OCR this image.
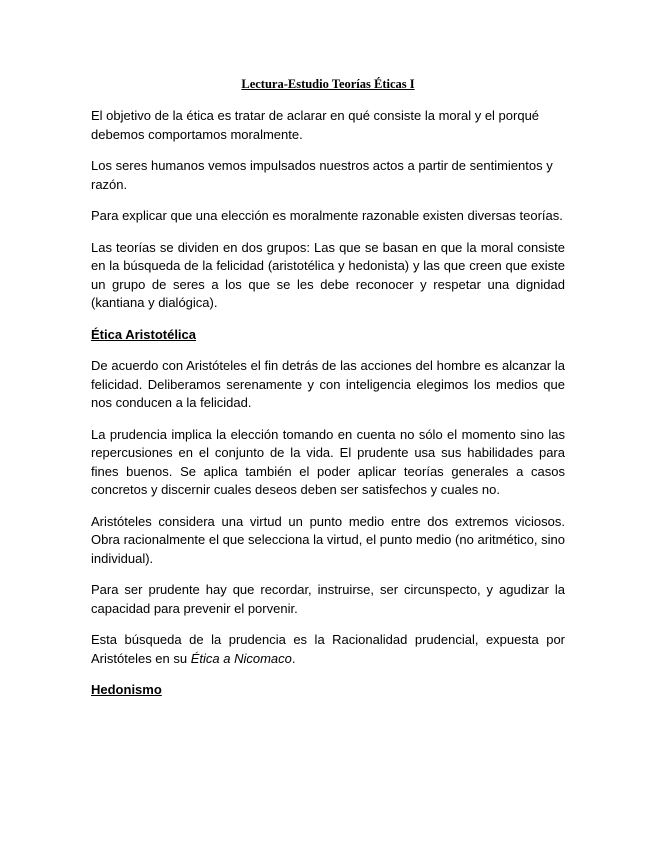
Lectura-Estudio Teorías Éticas I

El objetivo de la ética es tratar de aclarar en qué consiste la moral y el porqué debemos comportamos moralmente.

Los seres humanos vemos impulsados nuestros actos a partir de sentimientos y razón.

Para explicar que una elección es moralmente razonable existen diversas teorías.

Las teorías se dividen en dos grupos: Las que se basan en que la moral consiste en la búsqueda de la felicidad (aristotélica y hedonista) y las que creen que existe un grupo de seres a los que se les debe reconocer y respetar una dignidad (kantiana y dialógica).

Ética Aristotélica

De acuerdo con Aristóteles el fin detrás de las acciones del hombre es alcanzar la felicidad. Deliberamos serenamente y con inteligencia elegimos los medios que nos conducen a la felicidad.

La prudencia implica la elección tomando en cuenta no sólo el momento sino las repercusiones en el conjunto de la vida. El prudente usa sus habilidades para fines buenos. Se aplica también el poder aplicar teorías generales a casos concretos y discernir cuales deseos deben ser satisfechos y cuales no.

Aristóteles considera una virtud un punto medio entre dos extremos viciosos. Obra racionalmente el que selecciona la virtud, el punto medio (no aritmético, sino individual).

Para ser prudente hay que recordar, instruirse, ser circunspecto, y agudizar la capacidad para prevenir el porvenir.

Esta búsqueda de la prudencia es la Racionalidad prudencial, expuesta por Aristóteles en su Ética a Nicomaco.

Hedonismo
